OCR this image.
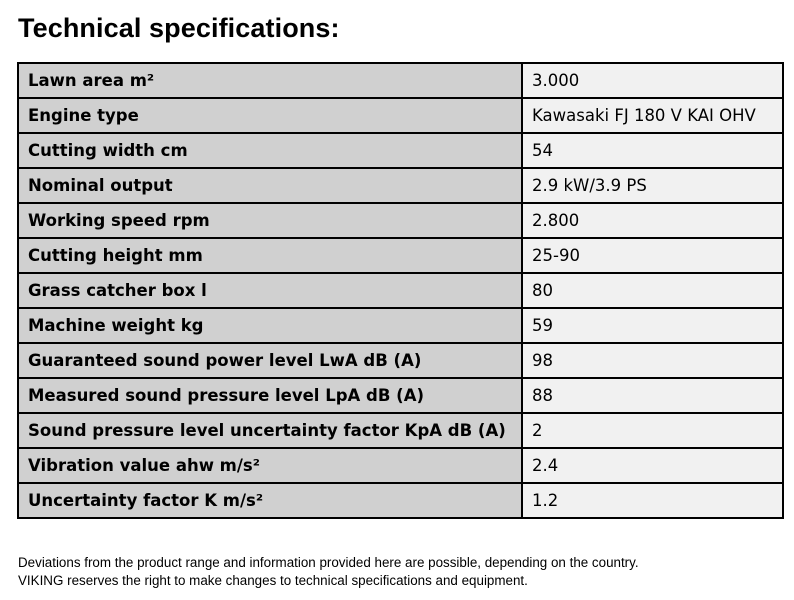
Technical specifications:
Lawn area m²	3.000
Engine type	Kawasaki FJ 180 V KAI OHV
Cutting width cm	54
Nominal output	2.9 kW/3.9 PS
Working speed rpm	2.800
Cutting height mm	25-90
Grass catcher box l	80
Machine weight kg	59
Guaranteed sound power level LwA dB (A)	98
Measured sound pressure level LpA dB (A)	88
Sound pressure level uncertainty factor KpA dB (A)	2
Vibration value ahw m/s²	2.4
Uncertainty factor K m/s²	1.2
Deviations from the product range and information provided here are possible, depending on the country.
VIKING reserves the right to make changes to technical specifications and equipment.
